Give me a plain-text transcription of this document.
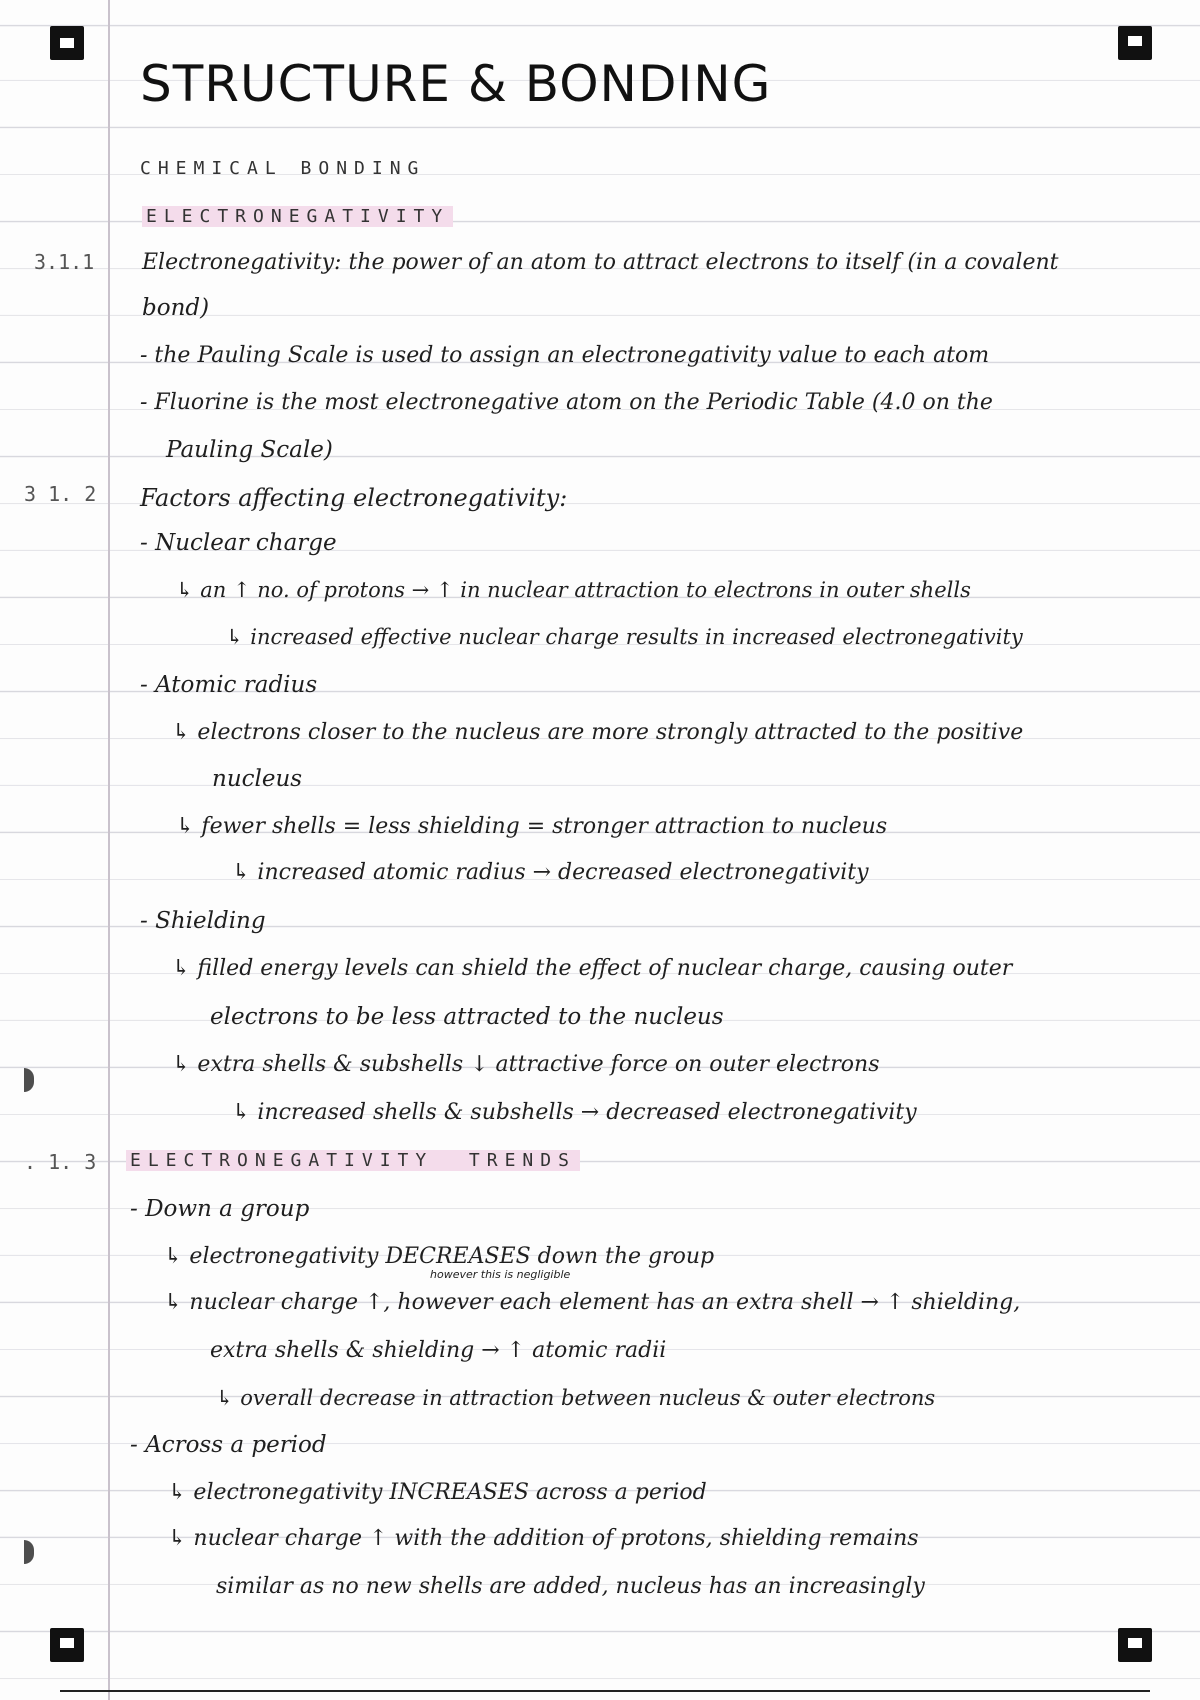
STRUCTURE & BONDING
CHEMICAL BONDING
ELECTRONEGATIVITY
3.1.1
3 1. 2
. 1. 3
Electronegativity: the power of an atom to attract electrons to itself (in a covalent
bond)
- the Pauling Scale is used to assign an electronegativity value to each atom
- Fluorine is the most electronegative atom on the Periodic Table (4.0 on the
Pauling Scale)
Factors affecting electronegativity:
- Nuclear charge
↳ an ↑ no. of protons → ↑ in nuclear attraction to electrons in outer shells
↳ increased effective nuclear charge results in increased electronegativity
- Atomic radius
↳ electrons closer to the nucleus are more strongly attracted to the positive
nucleus
↳ fewer shells = less shielding = stronger attraction to nucleus
↳ increased atomic radius → decreased electronegativity
- Shielding
↳ filled energy levels can shield the effect of nuclear charge, causing outer
electrons to be less attracted to the nucleus
↳ extra shells & subshells ↓ attractive force on outer electrons
↳ increased shells & subshells → decreased electronegativity
ELECTRONEGATIVITY  TRENDS
- Down a group
↳ electronegativity DECREASES down the group
however this is negligible
↳ nuclear charge ↑, however each element has an extra shell → ↑ shielding,
extra shells & shielding → ↑ atomic radii
↳ overall decrease in attraction between nucleus & outer electrons
- Across a period
↳ electronegativity INCREASES across a period
↳ nuclear charge ↑ with the addition of protons, shielding remains
similar as no new shells are added, nucleus has an increasingly
